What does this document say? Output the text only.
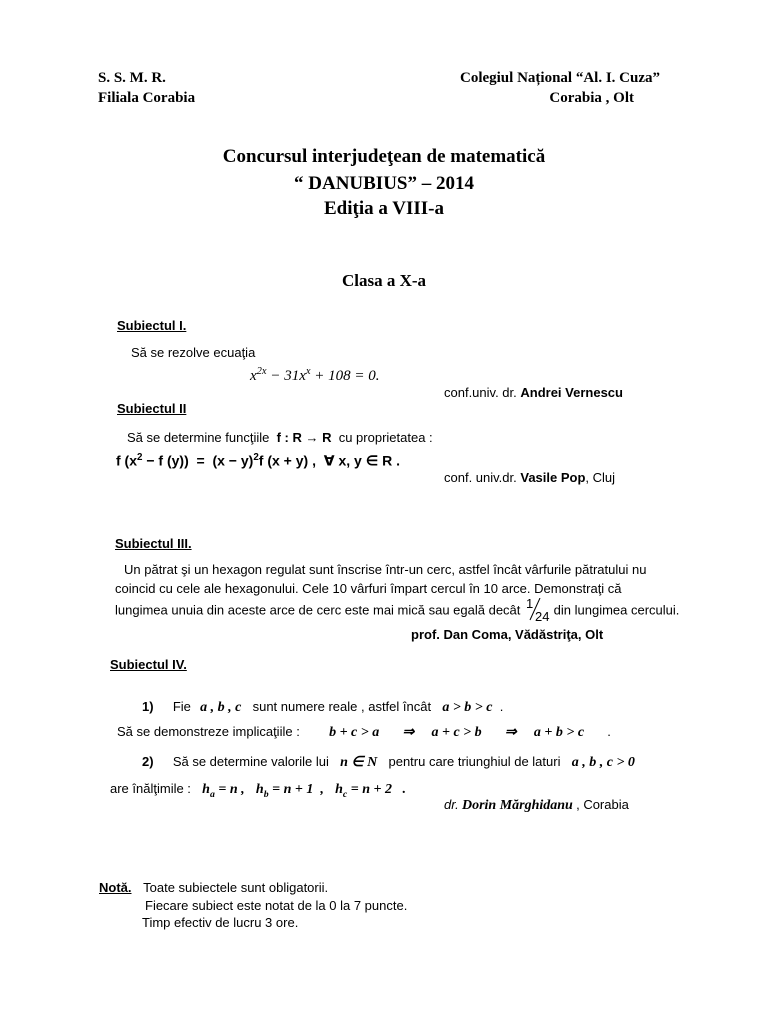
S. S. M. R.
Filiala Corabia
Colegiul Național “Al. I. Cuza”
Corabia , Olt
Concursul interjudeţean de matematică
“ DANUBIUS” – 2014
Ediţia a VIII-a
Clasa a X-a
Subiectul I.
Să se rezolve ecuaţia
$x^{2x} - 31x^x + 108 = 0$.
conf.univ. dr. Andrei Vernescu
Subiectul II
Să se determine funcţiile f : R → R cu proprietatea :
f ($x^2 - f$ $(y)) = (x - y)^2f$ (x + y) ,  ∀ x, y ∈ R .
conf. univ.dr. Vasile Pop, Cluj
Subiectul III.
Un pătrat şi un hexagon regulat sunt înscrise într-un cerc, astfel încât vârfurile pătratului nu
coincid cu cele ale hexagonului. Cele 10 vârfuri împart cercul în 10 arce. Demonstraţi că
lungimea unuia din aceste arce de cerc este mai mică sau egală decât 1
24 din lungimea cercului.
prof. Dan Coma, Vădăstriţa, Olt
Subiectul IV.
1) Fie a , b , c sunt numere reale , astfel încât a > b > c .
Să se demonstreze implicaţiile : b + c > a ⇒ a + c > b ⇒ a + b > c .
2) Să se determine valorile lui n ∈ N pentru care triunghiul de laturi a , b , c > 0
are înălţimile : $h_a = n$ , $h_b = n + 1$  , $h_c = n + 2$   .
dr. Dorin Mărghidanu , Corabia
Notă. Toate subiectele sunt obligatorii.
Fiecare subiect este notat de la 0 la 7 puncte.
Timp efectiv de lucru 3 ore.
